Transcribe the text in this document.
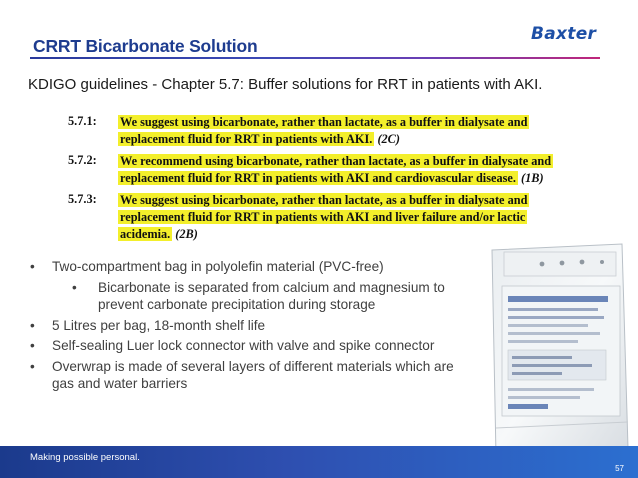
CRRT Bicarbonate Solution
Baxter
KDIGO guidelines - Chapter 5.7: Buffer solutions for RRT in patients with AKI.
5.7.1: We suggest using bicarbonate, rather than lactate, as a buffer in dialysate and
replacement fluid for RRT in patients with AKI. (2C)
5.7.2: We recommend using bicarbonate, rather than lactate, as a buffer in dialysate and
replacement fluid for RRT in patients with AKI and cardiovascular disease. (1B)
5.7.3: We suggest using bicarbonate, rather than lactate, as a buffer in dialysate and
replacement fluid for RRT in patients with AKI and liver failure and/or lactic
acidemia. (2B)
• Two-compartment bag in polyolefin material (PVC-free)
• Bicarbonate is separated from calcium and magnesium to prevent carbonate precipitation during storage
• 5 Litres per bag, 18-month shelf life
• Self-sealing Luer lock connector with valve and spike connector
• Overwrap is made of several layers of different materials which are gas and water barriers
Making possible personal.
57
